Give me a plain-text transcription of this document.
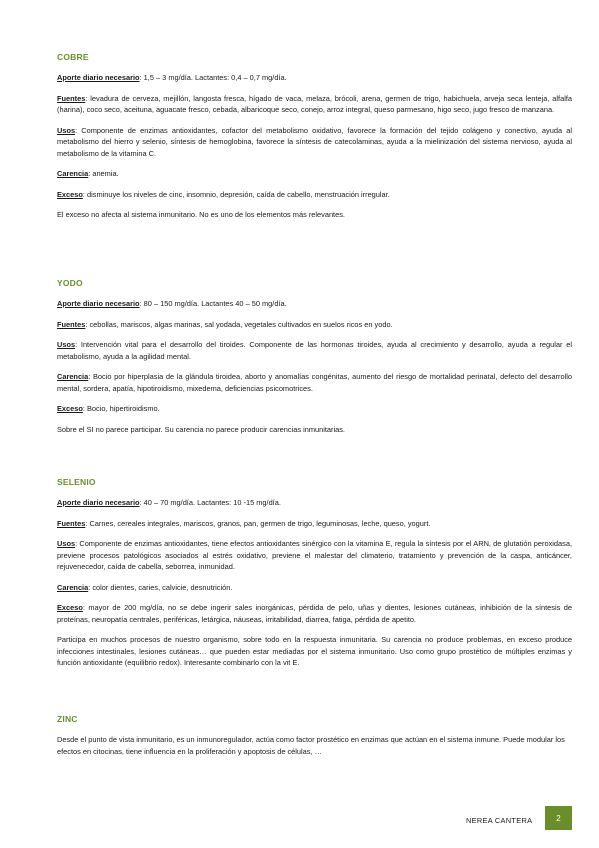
COBRE

Aporte diario necesario: 1,5 – 3 mg/día. Lactantes: 0,4 – 0,7 mg/día.

Fuentes: levadura de cerveza, mejillón, langosta fresca, hígado de vaca, melaza, brócoli, arena, germen de trigo, habichuela, arveja seca lenteja, alfalfa (harina), coco seco, aceituna, aguacate fresco, cebada, albaricoque seco, conejo, arroz integral, queso parmesano, higo seco, jugo fresco de manzana.

Usos: Componente de enzimas antioxidantes, cofactor del metabolismo oxidativo, favorece la formación del tejido colágeno y conectivo, ayuda al metabolismo del hierro y selenio, síntesis de hemoglobina, favorece la síntesis de catecolaminas, ayuda a la mielinización del sistema nervioso, ayuda al metabolismo de la vitamina C.

Carencia: anemia.

Exceso: disminuye los niveles de cinc, insomnio, depresión, caída de cabello, menstruación irregular.

El exceso no afecta al sistema inmunitario. No es uno de los elementos más relevantes.

YODO

Aporte diario necesario: 80 – 150 mg/día. Lactantes 40 – 50 mg/día.

Fuentes: cebollas, mariscos, algas marinas, sal yodada, vegetales cultivados en suelos ricos en yodo.

Usos: Intervención vital para el desarrollo del tiroides. Componente de las hormonas tiroides, ayuda al crecimiento y desarrollo, ayuda a regular el metabolismo, ayuda a la agilidad mental.

Carencia: Bocio por hiperplasia de la glándula tiroidea, aborto y anomalías congénitas, aumento del riesgo de mortalidad perinatal, defecto del desarrollo mental, sordera, apatía, hipotiroidismo, mixedema, deficiencias psicomotrices.

Exceso: Bocio, hipertiroidismo.

Sobre el SI no parece participar. Su carencia no parece producir carencias inmunitarias.

SELENIO

Aporte diario necesario: 40 – 70 mg/día. Lactantes: 10 -15 mg/día.

Fuentes: Carnes, cereales integrales, mariscos, granos, pan, germen de trigo, leguminosas, leche, queso, yogurt.

Usos: Componente de enzimas antioxidantes, tiene efectos antioxidantes sinérgico con la vitamina E, regula la síntesis por el ARN, de glutatión peroxidasa, previene procesos patológicos asociados al estrés oxidativo, previene el malestar del climaterio, tratamiento y prevención de la caspa, anticáncer, rejuvenecedor, caída de cabella, seborrea, inmunidad.

Carencia: color dientes, caries, calvicie, desnutrición.

Exceso: mayor de 200 mg/día, no se debe ingerir sales inorgánicas, pérdida de pelo, uñas y dientes, lesiones cutáneas, inhibición de la síntesis de proteínas, neuropatía centrales, periféricas, letárgica, náuseas, irritabilidad, diarrea, fatiga, pérdida de apetito.

Participa en muchos procesos de nuestro organismo, sobre todo en la respuesta inmunitaria. Su carencia no produce problemas, en exceso produce infecciones intestinales, lesiones cutáneas… que pueden estar mediadas por el sistema inmunitario. Uso como grupo prostético de múltiples enzimas y función antioxidante (equilibrio redox). Interesante combinarlo con la vit E.

ZINC

Desde el punto de vista inmunitario, es un inmunoregulador, actúa como factor prostético en enzimas que actúan en el sistema inmune. Puede modular los efectos en citocinas, tiene influencia en la proliferación y apoptosis de células, …

NEREA CANTERA	2
